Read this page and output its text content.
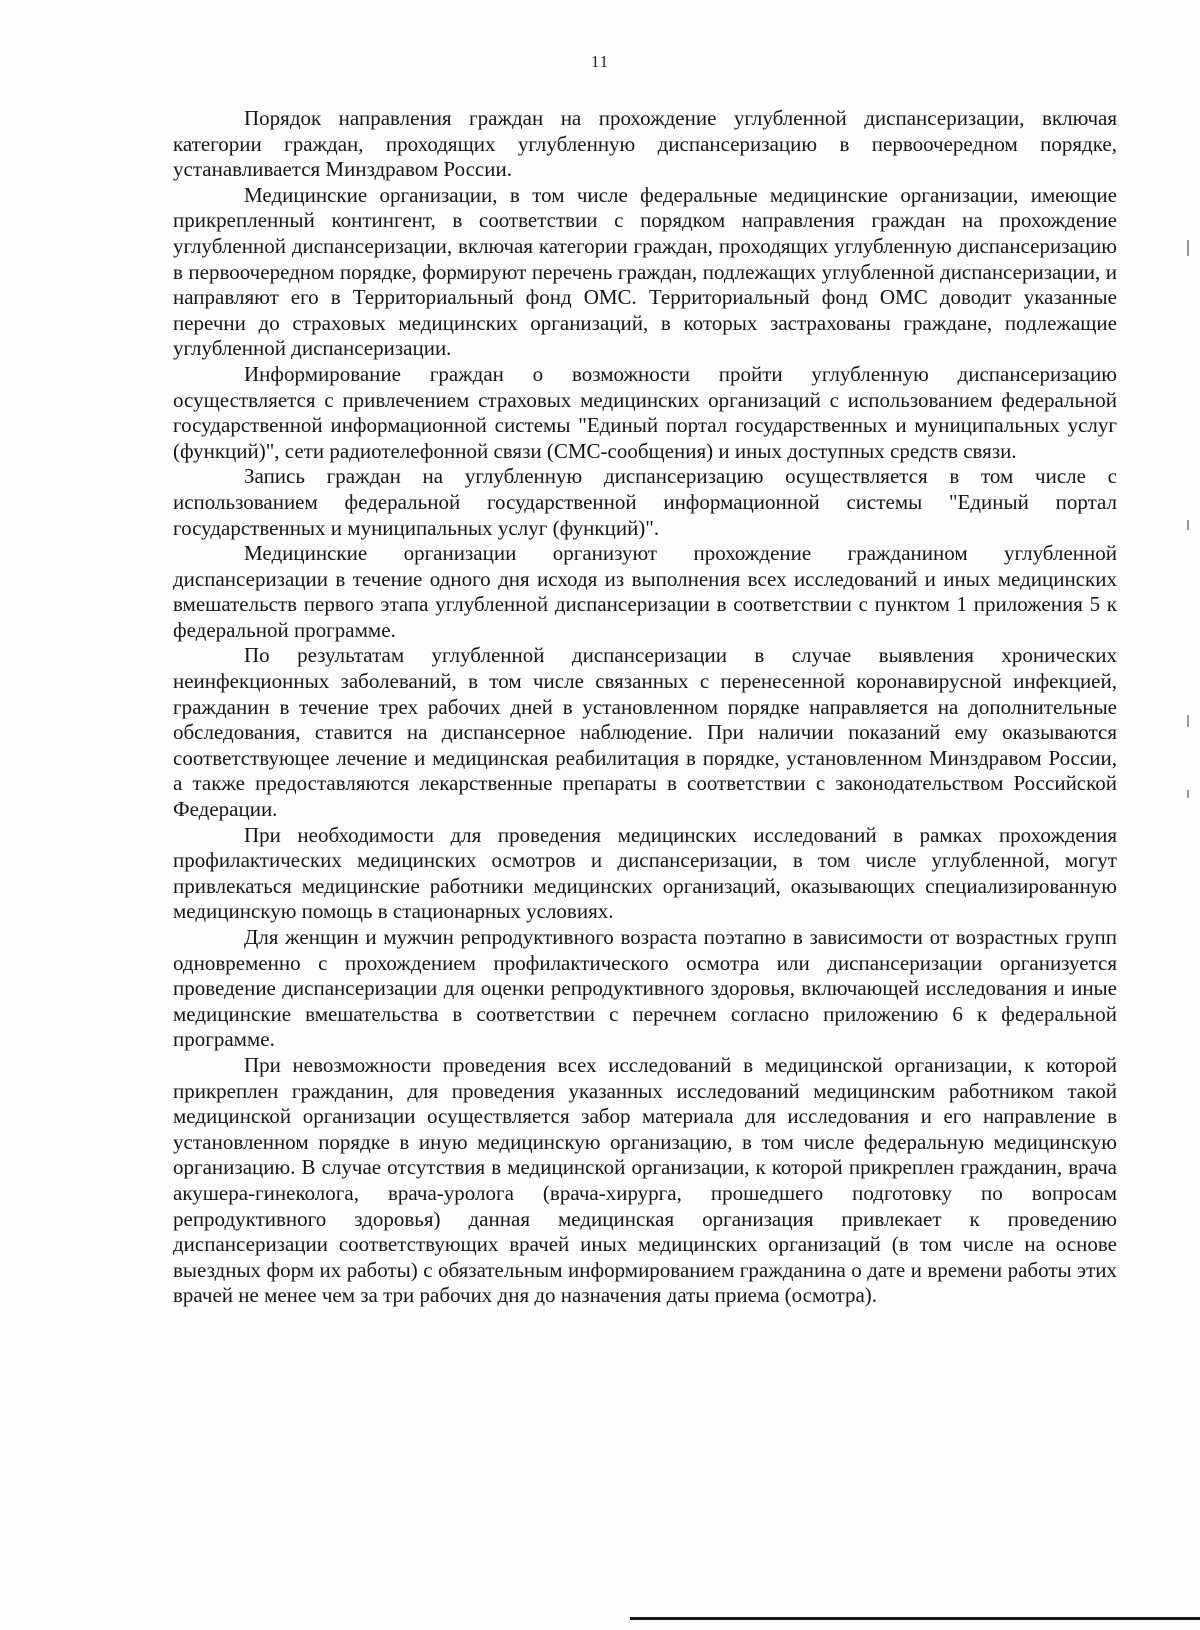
11

Порядок направления граждан на прохождение углубленной диспансеризации, включая категории граждан, проходящих углубленную диспансеризацию в первоочередном порядке, устанавливается Минздравом России.

Медицинские организации, в том числе федеральные медицинские организации, имеющие прикрепленный контингент, в соответствии с порядком направления граждан на прохождение углубленной диспансеризации, включая категории граждан, проходящих углубленную диспансеризацию в первоочередном порядке, формируют перечень граждан, подлежащих углубленной диспансеризации, и направляют его в Территориальный фонд ОМС. Территориальный фонд ОМС доводит указанные перечни до страховых медицинских организаций, в которых застрахованы граждане, подлежащие углубленной диспансеризации.

Информирование граждан о возможности пройти углубленную диспансеризацию осуществляется с привлечением страховых медицинских организаций с использованием федеральной государственной информационной системы "Единый портал государственных и муниципальных услуг (функций)", сети радиотелефонной связи (СМС-сообщения) и иных доступных средств связи.

Запись граждан на углубленную диспансеризацию осуществляется в том числе с использованием федеральной государственной информационной системы "Единый портал государственных и муниципальных услуг (функций)".

Медицинские организации организуют прохождение гражданином углубленной диспансеризации в течение одного дня исходя из выполнения всех исследований и иных медицинских вмешательств первого этапа углубленной диспансеризации в соответствии с пунктом 1 приложения 5 к федеральной программе.

По результатам углубленной диспансеризации в случае выявления хронических неинфекционных заболеваний, в том числе связанных с перенесенной коронавирусной инфекцией, гражданин в течение трех рабочих дней в установленном порядке направляется на дополнительные обследования, ставится на диспансерное наблюдение. При наличии показаний ему оказываются соответствующее лечение и медицинская реабилитация в порядке, установленном Минздравом России, а также предоставляются лекарственные препараты в соответствии с законодательством Российской Федерации.

При необходимости для проведения медицинских исследований в рамках прохождения профилактических медицинских осмотров и диспансеризации, в том числе углубленной, могут привлекаться медицинские работники медицинских организаций, оказывающих специализированную медицинскую помощь в стационарных условиях.

Для женщин и мужчин репродуктивного возраста поэтапно в зависимости от возрастных групп одновременно с прохождением профилактического осмотра или диспансеризации организуется проведение диспансеризации для оценки репродуктивного здоровья, включающей исследования и иные медицинские вмешательства в соответствии с перечнем согласно приложению 6 к федеральной программе.

При невозможности проведения всех исследований в медицинской организации, к которой прикреплен гражданин, для проведения указанных исследований медицинским работником такой медицинской организации осуществляется забор материала для исследования и его направление в установленном порядке в иную медицинскую организацию, в том числе федеральную медицинскую организацию. В случае отсутствия в медицинской организации, к которой прикреплен гражданин, врача акушера-гинеколога, врача-уролога (врача-хирурга, прошедшего подготовку по вопросам репродуктивного здоровья) данная медицинская организация привлекает к проведению диспансеризации соответствующих врачей иных медицинских организаций (в том числе на основе выездных форм их работы) с обязательным информированием гражданина о дате и времени работы этих врачей не менее чем за три рабочих дня до назначения даты приема (осмотра).
